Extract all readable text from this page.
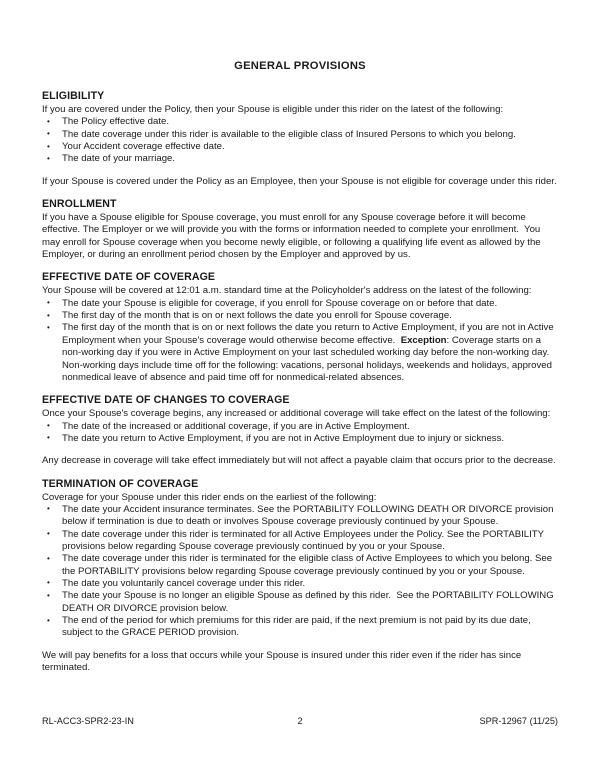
GENERAL PROVISIONS
ELIGIBILITY

If you are covered under the Policy, then your Spouse is eligible under this rider on the latest of the following:

• The Policy effective date.
• The date coverage under this rider is available to the eligible class of Insured Persons to which you belong.
• Your Accident coverage effective date.
• The date of your marriage.

If your Spouse is covered under the Policy as an Employee, then your Spouse is not eligible for coverage under this rider.

ENROLLMENT

If you have a Spouse eligible for Spouse coverage, you must enroll for any Spouse coverage before it will become effective. The Employer or we will provide you with the forms or information needed to complete your enrollment.  You may enroll for Spouse coverage when you become newly eligible, or following a qualifying life event as allowed by the Employer, or during an enrollment period chosen by the Employer and approved by us.

EFFECTIVE DATE OF COVERAGE

Your Spouse will be covered at 12:01 a.m. standard time at the Policyholder's address on the latest of the following:

• The date your Spouse is eligible for coverage, if you enroll for Spouse coverage on or before that date.
• The first day of the month that is on or next follows the date you enroll for Spouse coverage.
• The first day of the month that is on or next follows the date you return to Active Employment, if you are not in Active Employment when your Spouse's coverage would otherwise become effective.  Exception: Coverage starts on a non-working day if you were in Active Employment on your last scheduled working day before the non-working day.  Non-working days include time off for the following: vacations, personal holidays, weekends and holidays, approved nonmedical leave of absence and paid time off for nonmedical-related absences.
EFFECTIVE DATE OF CHANGES TO COVERAGE

Once your Spouse's coverage begins, any increased or additional coverage will take effect on the latest of the following:

• The date of the increased or additional coverage, if you are in Active Employment.
• The date you return to Active Employment, if you are not in Active Employment due to injury or sickness.

Any decrease in coverage will take effect immediately but will not affect a payable claim that occurs prior to the decrease.

TERMINATION OF COVERAGE

Coverage for your Spouse under this rider ends on the earliest of the following:

• The date your Accident insurance terminates. See the PORTABILITY FOLLOWING DEATH OR DIVORCE provision below if termination is due to death or involves Spouse coverage previously continued by your Spouse.
• The date coverage under this rider is terminated for all Active Employees under the Policy. See the PORTABILITY provisions below regarding Spouse coverage previously continued by you or your Spouse.
• The date coverage under this rider is terminated for the eligible class of Active Employees to which you belong. See the PORTABILITY provisions below regarding Spouse coverage previously continued by you or your Spouse.
• The date you voluntarily cancel coverage under this rider.
• The date your Spouse is no longer an eligible Spouse as defined by this rider.  See the PORTABILITY FOLLOWING DEATH OR DIVORCE provision below.
• The end of the period for which premiums for this rider are paid, if the next premium is not paid by its due date, subject to the GRACE PERIOD provision.

We will pay benefits for a loss that occurs while your Spouse is insured under this rider even if the rider has since terminated.

RL-ACC3-SPR2-23-IN	2	SPR-12967 (11/25)
